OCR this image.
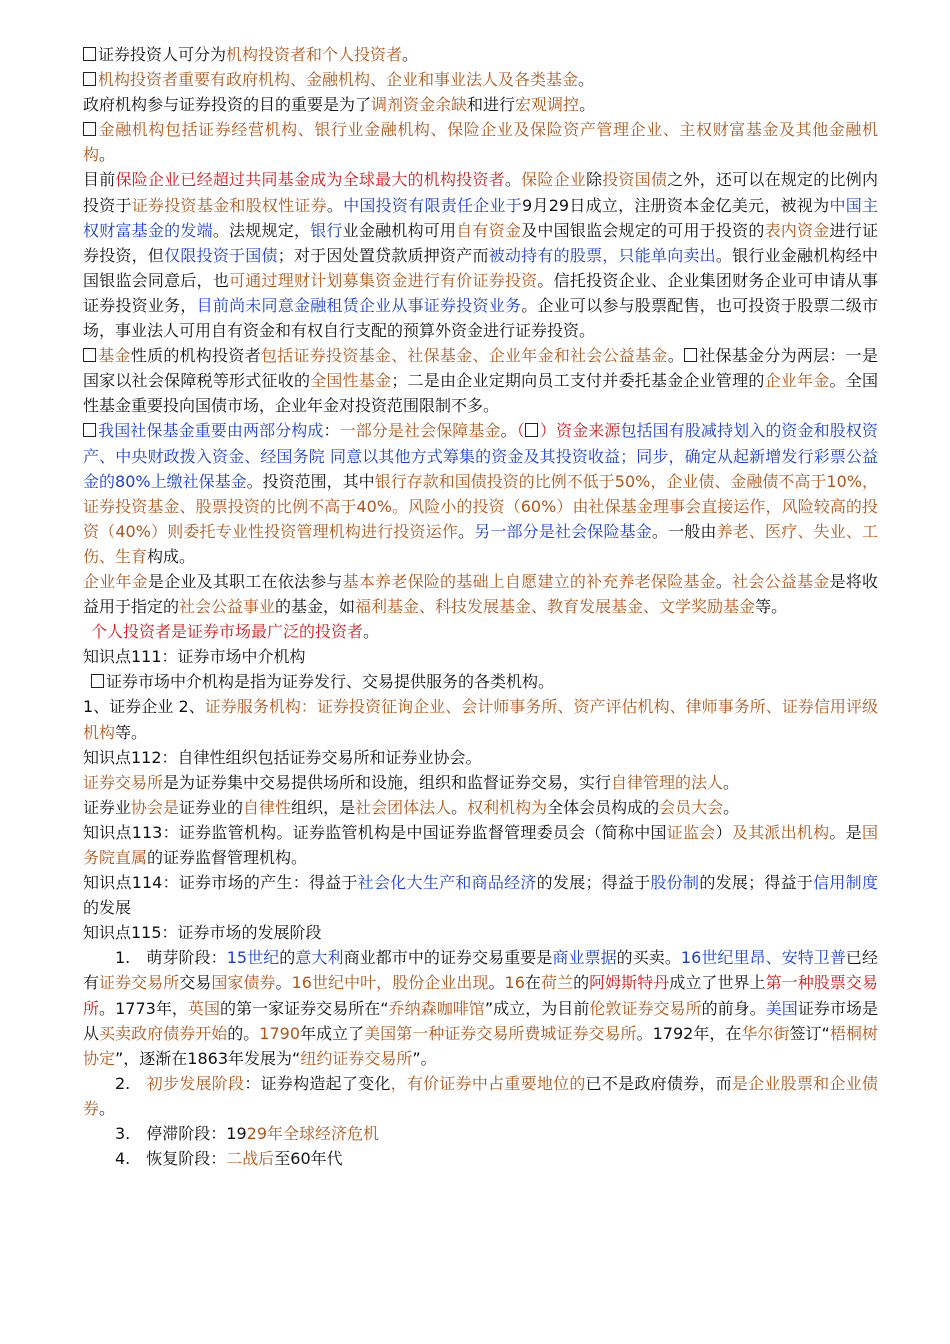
证券投资人可分为机构投资者和个人投资者。
机构投资者重要有政府机构、金融机构、企业和事业法人及各类基金。
政府机构参与证券投资的目的重要是为了调剂资金余缺和进行宏观调控。
金融机构包括证券经营机构、银行业金融机构、保险企业及保险资产管理企业、主权财富基金及其他金融机构。
目前保险企业已经超过共同基金成为全球最大的机构投资者。保险企业除投资国债之外，还可以在规定的比例内投资于证券投资基金和股权性证券。中国投资有限责任企业于9月29日成立，注册资本金亿美元，被视为中国主权财富基金的发端。法规规定，银行业金融机构可用自有资金及中国银监会规定的可用于投资的表内资金进行证券投资，但仅限投资于国债；对于因处置贷款质押资产而被动持有的股票，只能单向卖出。银行业金融机构经中国银监会同意后，也可通过理财计划募集资金进行有价证券投资。信托投资企业、企业集团财务企业可申请从事证券投资业务，目前尚未同意金融租赁企业从事证券投资业务。企业可以参与股票配售，也可投资于股票二级市场，事业法人可用自有资金和有权自行支配的预算外资金进行证券投资。
基金性质的机构投资者包括证券投资基金、社保基金、企业年金和社会公益基金。 社保基金分为两层：一是国家以社会保障税等形式征收的全国性基金；二是由企业定期向员工支付并委托基金企业管理的企业年金。全国性基金重要投向国债市场，企业年金对投资范围限制不多。
我国社保基金重要由两部分构成：一部分是社会保障基金。（ ）资金来源包括国有股减持划入的资金和股权资产、中央财政拨入资金、经国务院 同意以其他方式筹集的资金及其投资收益；同步，确定从起新增发行彩票公益金的80%上缴社保基金。投资范围，其中银行存款和国债投资的比例不低于50%，企业债、金融债不高于10%，证券投资基金、股票投资的比例不高于40%。风险小的投资（60%）由社保基金理事会直接运作，风险较高的投资（40%）则委托专业性投资管理机构进行投资运作。另一部分是社会保险基金。一般由养老、医疗、失业、工伤、生育构成。
企业年金是企业及其职工在依法参与基本养老保险的基础上自愿建立的补充养老保险基金。社会公益基金是将收益用于指定的社会公益事业的基金，如福利基金、科技发展基金、教育发展基金、文学奖励基金等。
个人投资者是证券市场最广泛的投资者。
知识点111：证券市场中介机构
证券市场中介机构是指为证券发行、交易提供服务的各类机构。
1、证券企业 2、证券服务机构：证券投资征询企业、会计师事务所、资产评估机构、律师事务所、证券信用评级机构等。
知识点112：自律性组织包括证券交易所和证券业协会。
证券交易所是为证券集中交易提供场所和设施，组织和监督证券交易，实行自律管理的法人。
证券业协会是证券业的自律性组织，是社会团体法人。权利机构为全体会员构成的会员大会。
知识点113：证券监管机构。证券监管机构是中国证券监督管理委员会（简称中国证监会）及其派出机构。是国务院直属的证券监督管理机构。
知识点114：证券市场的产生：得益于社会化大生产和商品经济的发展；得益于股份制的发展；得益于信用制度的发展
知识点115：证券市场的发展阶段
1.　萌芽阶段：15世纪的意大利商业都市中的证券交易重要是商业票据的买卖。16世纪里昂、安特卫普已经有证券交易所交易国家债券。16世纪中叶，股份企业出现。16在荷兰的阿姆斯特丹成立了世界上第一种股票交易所。1773年，英国的第一家证券交易所在“乔纳森咖啡馆”成立，为目前伦敦证券交易所的前身。美国证券市场是从买卖政府债券开始的。1790年成立了美国第一种证券交易所费城证券交易所。1792年，在华尔街签订“梧桐树协定”，逐渐在1863年发展为“纽约证券交易所”。
2.　初步发展阶段：证券构造起了变化，有价证券中占重要地位的已不是政府债券，而是企业股票和企业债券。
3.　停滞阶段：1929年全球经济危机
4.　恢复阶段：二战后至60年代
